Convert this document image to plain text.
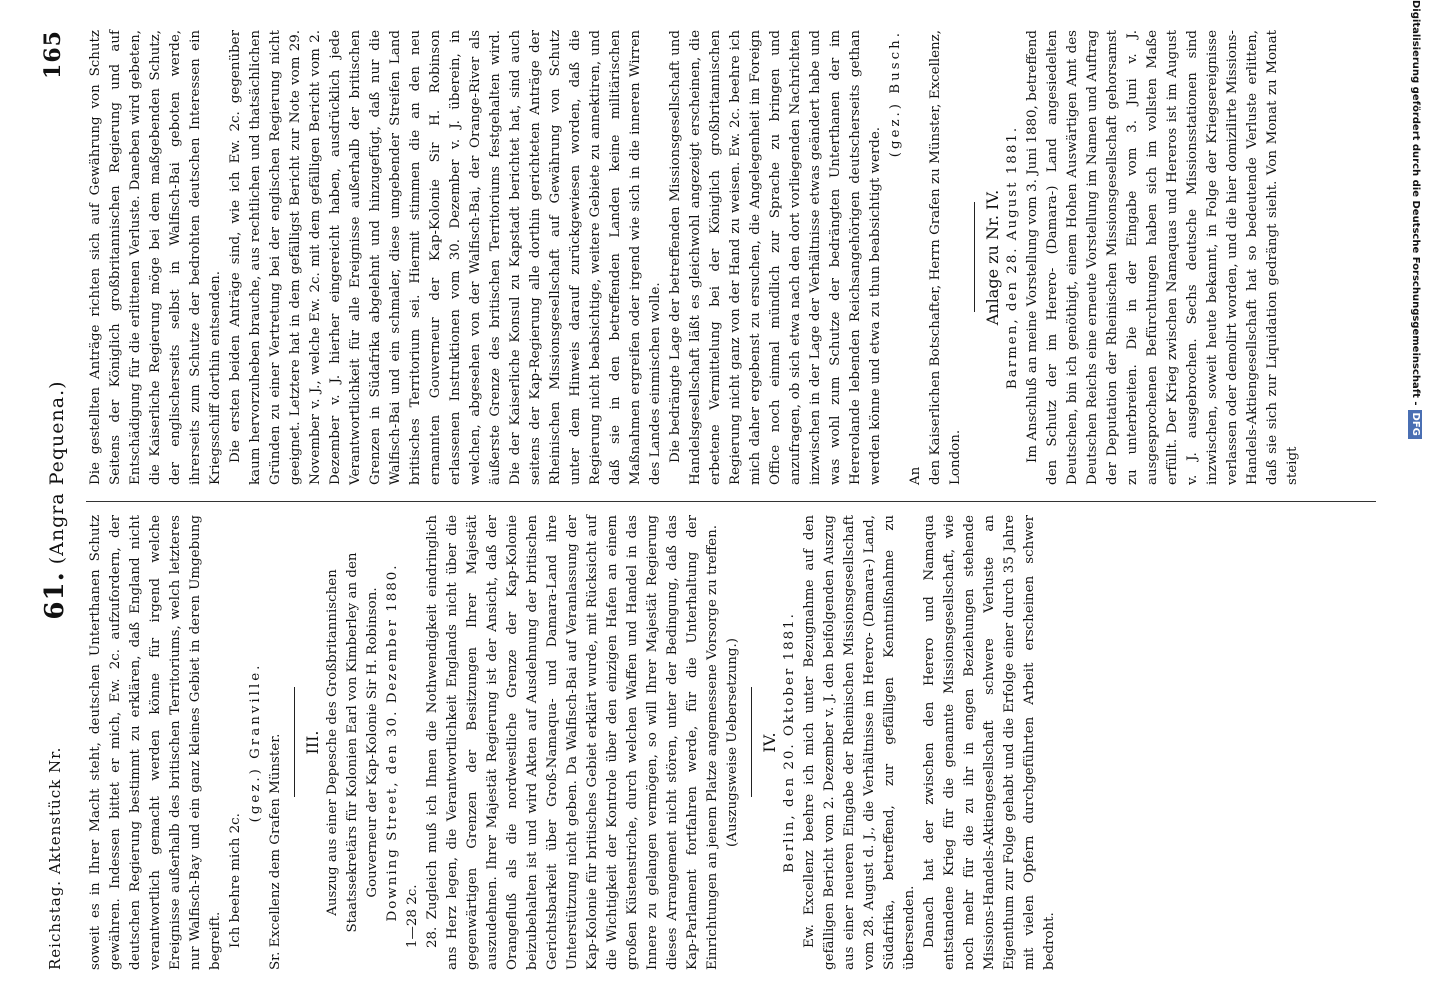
Reichstag. Aktenstück Nr.
61. (Angra Pequena.)
165

soweit es in Ihrer Macht steht, deutschen Unterthanen Schutz gewähren. Indessen bittet er mich, Ew. 2c. aufzufordern, der deutschen Regierung bestimmt zu erklären, daß England nicht verantwortlich gemacht werden könne für irgend welche Ereignisse außerhalb des britischen Territoriums, welch letzteres nur Walfisch-Bay und ein ganz kleines Gebiet in deren Umgebung begreift. Ich beehre mich 2c.

(gez.) Granville. Sr. Excellenz dem Grafen Münster. III. Auszug aus einer Depesche des Großbritannischen Staatssekretärs für Kolonien Earl von Kimberley an den Gouverneur der Kap-Kolonie Sir H. Robinson. Downing Street, den 30. Dezember 1880. 1—28 2c. 28. Zugleich muß ich Ihnen die Nothwendigkeit eindringlich ans Herz legen, die Verantwortlichkeit Englands nicht über die gegenwärtigen Grenzen der Besitzungen Ihrer Majestät auszudehnen. Ihrer Majestät Regierung ist der Ansicht, daß der Orangefluß als die nordwestliche Grenze der Kap-Kolonie beizubehalten ist und wird Akten auf Ausdehnung der britischen Gerichtsbarkeit über Groß-Namaqua- und Damara-Land ihre Unterstützung nicht geben. Da Walfisch-Bai auf Veranlassung der Kap-Kolonie für britisches Gebiet erklärt wurde, mit Rücksicht auf die Wichtigkeit der Kontrole über den einzigen Hafen an einem großen Küstenstriche, durch welchen Waffen und Handel in das Innere zu gelangen vermögen, so will Ihrer Majestät Regierung dieses Arrangement nicht stören, unter der Bedingung, daß das Kap-Parlament fortfahren werde, für die Unterhaltung der Einrichtungen an jenem Platze angemessene Vorsorge zu treffen. (Auszugsweise Uebersetzung.) IV. Berlin, den 20. Oktober 1881. Ew. Excellenz beehre ich mich unter Bezugnahme auf den gefälligen Bericht vom 2. Dezember v. J. den beifolgenden Auszug aus einer neueren Eingabe der Rheinischen Missionsgesellschaft vom 28. August d. J., die Verhältnisse im Herero- (Damara-) Land, Südafrika, betreffend, zur gefälligen Kenntnißnahme zu übersenden. Danach hat der zwischen den Herero und Namaqua entstandene Krieg für die genannte Missionsgesellschaft, wie noch mehr für die zu ihr in engen Beziehungen stehende Missions-Handels-Aktiengesellschaft schwere Verluste an Eigenthum zur Folge gehabt und die Erfolge einer durch 35 Jahre mit vielen Opfern durchgeführten Arbeit erscheinen schwer bedroht.

Die gestellten Anträge richten sich auf Gewährung von Schutz Seitens der Königlich großbritannischen Regierung und auf Entschädigung für die erlittenen Verluste. Daneben wird gebeten, die Kaiserliche Regierung möge bei dem maßgebenden Schutz, der englischerseits selbst in Walfisch-Bai geboten werde, ihrerseits zum Schutze der bedrohten deutschen Interessen ein Kriegsschiff dorthin entsenden. Die ersten beiden Anträge sind, wie ich Ew. 2c. gegenüber kaum hervorzuheben brauche, aus rechtlichen und thatsächlichen Gründen zu einer Vertretung bei der englischen Regierung nicht geeignet. Letztere hat in dem gefälligst Bericht zur Note vom 29. November v. J., welche Ew. 2c. mit dem gefälligen Bericht vom 2. Dezember v. J. hierher eingereicht haben, ausdrücklich jede Verantwortlichkeit für alle Ereignisse außerhalb der britischen Grenzen in Südafrika abgelehnt und hinzugefügt, daß nur die Walfisch-Bai und ein schmaler, diese umgebender Streifen Land britisches Territorium sei. Hiermit stimmen die an den neu ernannten Gouverneur der Kap-Kolonie Sir H. Robinson erlassenen Instruktionen vom 30. Dezember v. J. überein, in welchen, abgesehen von der Walfisch-Bai, der Orange-River als äußerste Grenze des britischen Territoriums festgehalten wird. Die der Kaiserliche Konsul zu Kapstadt berichtet hat, sind auch seitens der Kap-Regierung alle dorthin gerichteten Anträge der Rheinischen Missionsgesellschaft auf Gewährung von Schutz unter dem Hinweis darauf zurückgewiesen worden, daß die Regierung nicht beabsichtige, weitere Gebiete zu annektiren, und daß sie in den betreffenden Landen keine militärischen Maßnahmen ergreifen oder irgend wie sich in die inneren Wirren des Landes einmischen wolle. Die bedrängte Lage der betreffenden Missionsgesellschaft und Handelsgesellschaft läßt es gleichwohl angezeigt erscheinen, die erbetene Vermittelung bei der Königlich großbritannischen Regierung nicht ganz von der Hand zu weisen. Ew. 2c. beehre ich mich daher ergebenst zu ersuchen, die Angelegenheit im Foreign Office noch einmal mündlich zur Sprache zu bringen und anzufragen, ob sich etwa nach den dort vorliegenden Nachrichten inzwischen in der Lage der Verhältnisse etwas geändert habe und was wohl zum Schutze der bedrängten Unterthanen der im Hererolande lebenden Reichsangehörigen deutscherseits gethan werden könne und etwa zu thun beabsichtigt werde.

(gez.) Busch.

An den Kaiserlichen Botschafter, Herrn Grafen zu Münster, Excellenz, London.

Anlage zu Nr. IV. Barmen, den 28. August 1881. Im Anschluß an meine Vorstellung vom 3. Juni 1880, betreffend den Schutz der im Herero- (Damara-) Land angesiedelten Deutschen, bin ich genöthigt, einem Hohen Auswärtigen Amt des Deutschen Reichs eine erneute Vorstellung im Namen und Auftrag der Deputation der Rheinischen Missionsgesellschaft gehorsamst zu unterbreiten. Die in der Eingabe vom 3. Juni v. J. ausgesprochenen Befürchtungen haben sich im vollsten Maße erfüllt. Der Krieg zwischen Namaquas und Hereros ist im August v. J. ausgebrochen. Sechs deutsche Missionsstationen sind inzwischen, soweit heute bekannt, in Folge der Kriegsereignisse verlassen oder demolirt worden, und die hier domizilirte Missions-Handels-Aktiengesellschaft hat so bedeutende Verluste erlitten, daß sie sich zur Liquidation gedrängt sieht. Von Monat zu Monat steigt

Digitalisierung gefördert durch die Deutsche Forschungsgemeinschaft -DFG
